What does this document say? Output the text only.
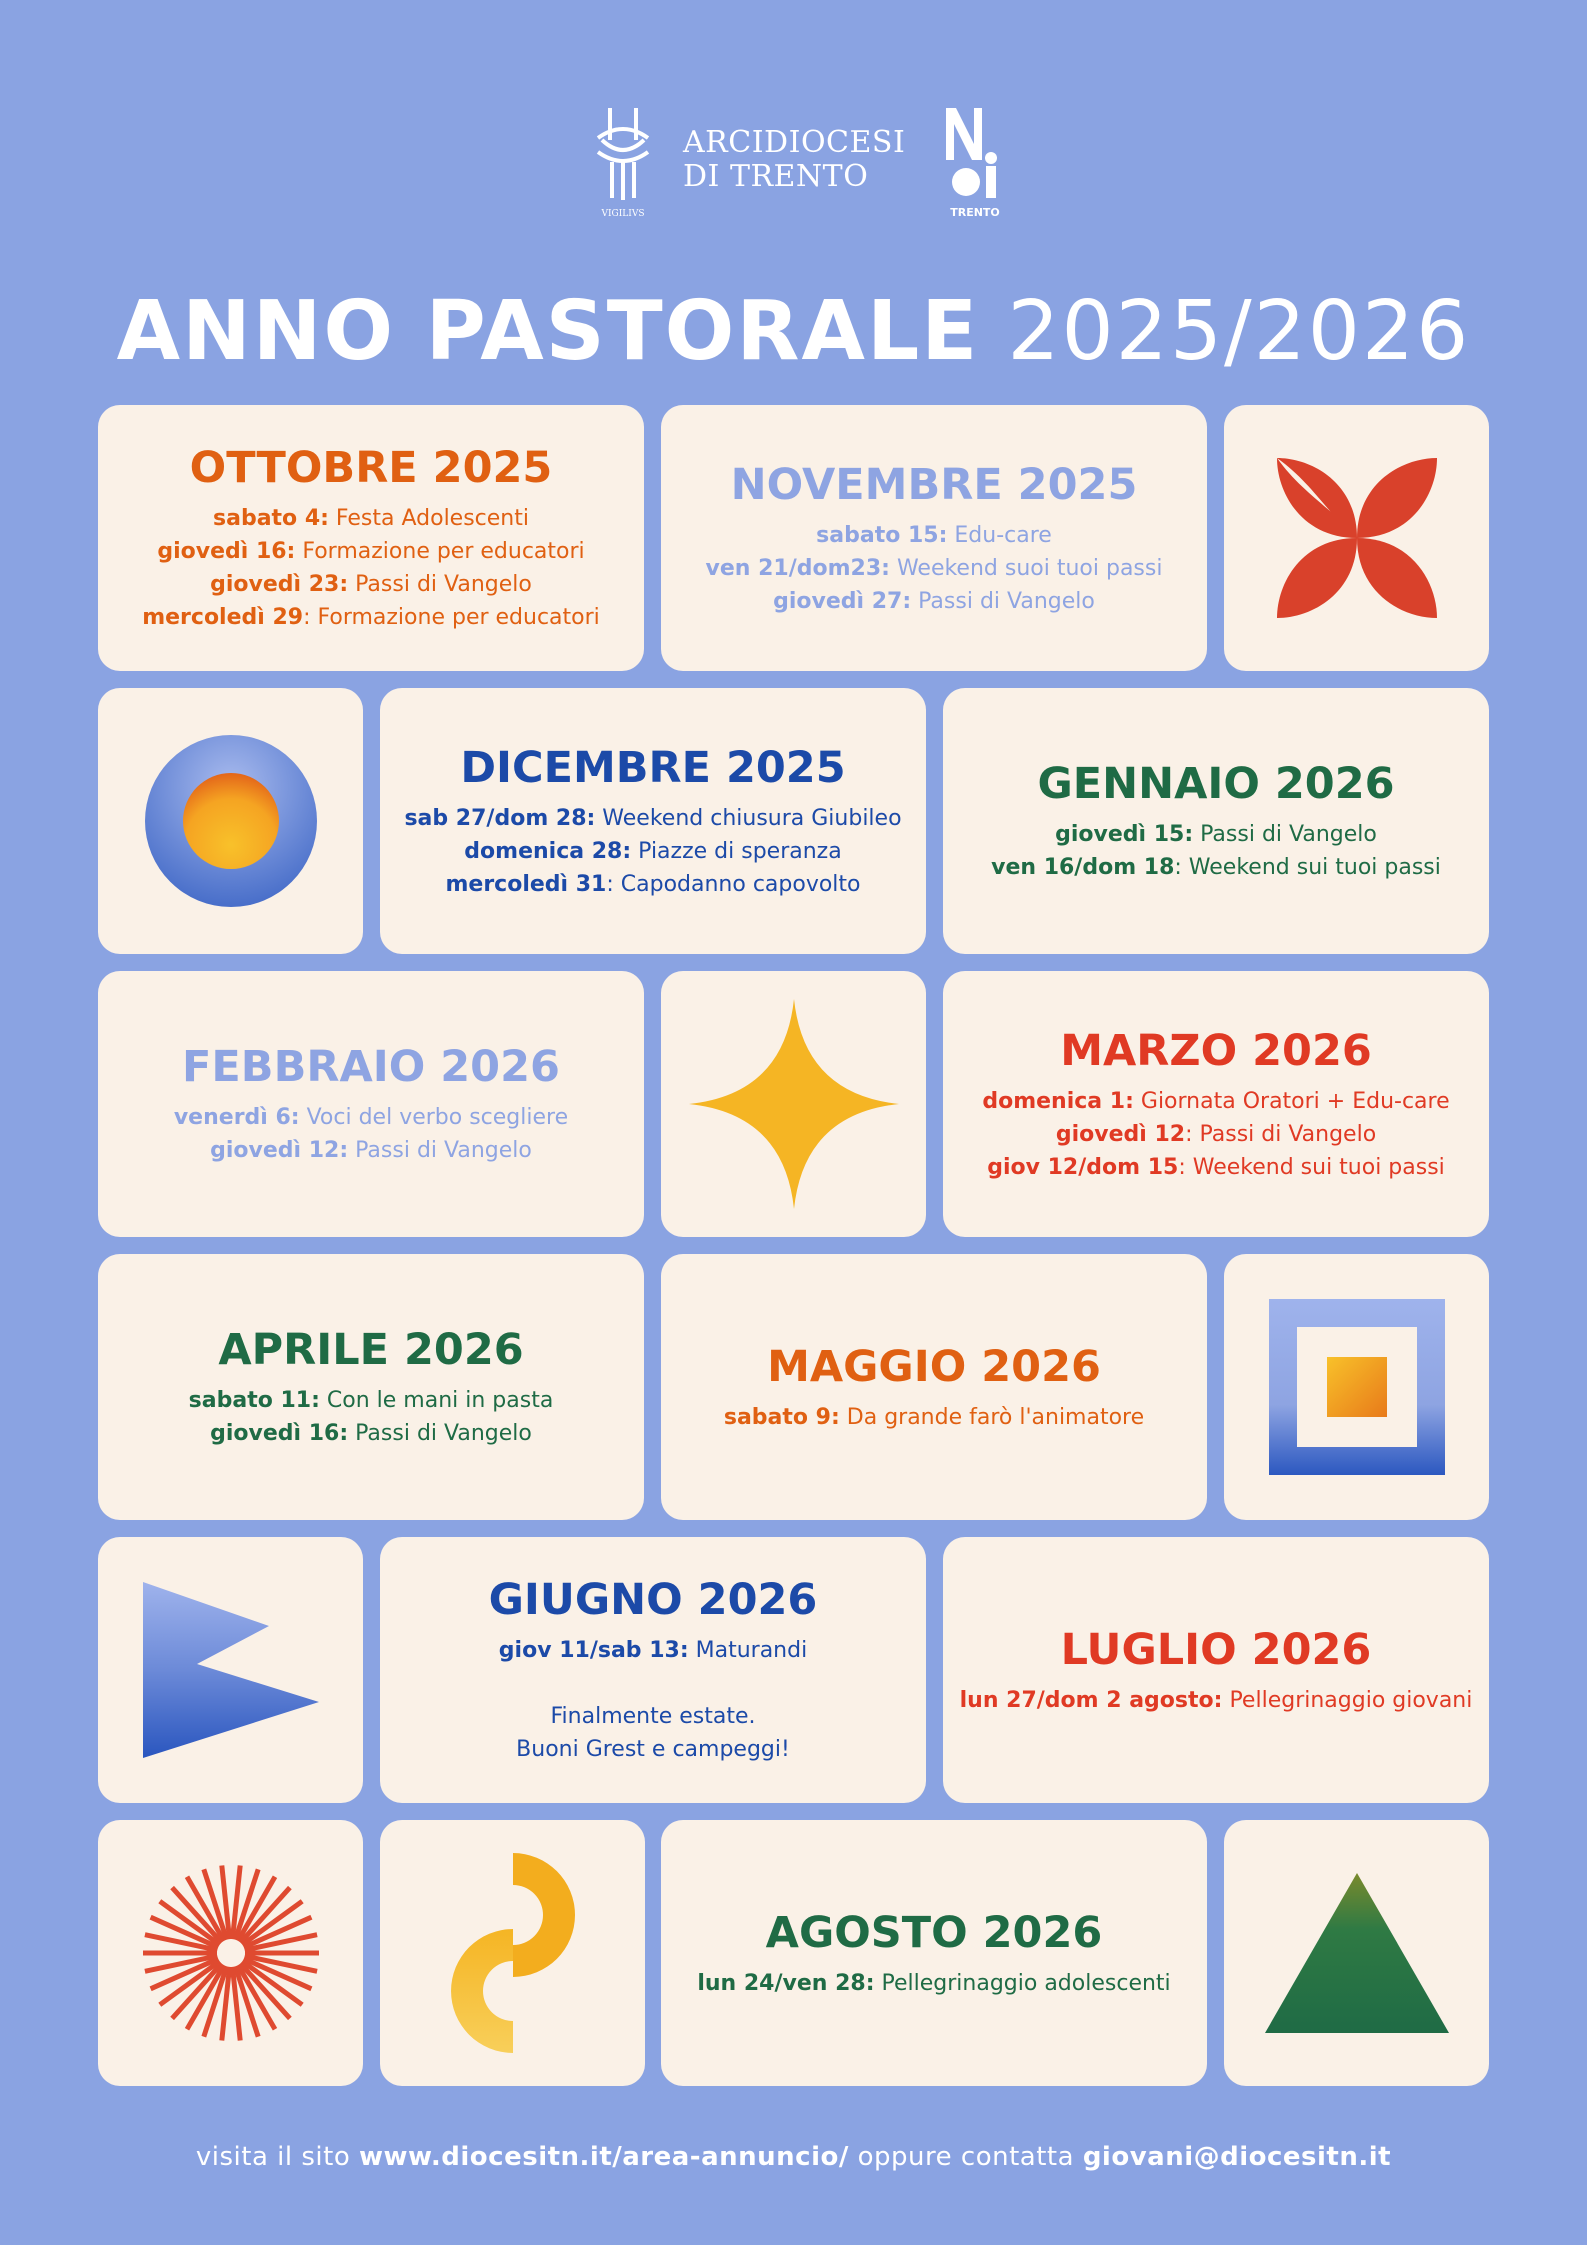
VIGILIVS
ARCIDIOCESI
DI TRENTO
TRENTO
ANNO PASTORALE 2025/2026
OTTOBRE 2025

sabato 4: Festa Adolescenti

giovedì 16: Formazione per educatori

giovedì 23: Passi di Vangelo

mercoledì 29: Formazione per educatori

NOVEMBRE 2025

sabato 15: Edu-care

ven 21/dom23: Weekend suoi tuoi passi

giovedì 27: Passi di Vangelo

DICEMBRE 2025

sab 27/dom 28: Weekend chiusura Giubileo

domenica 28: Piazze di speranza

mercoledì 31: Capodanno capovolto

GENNAIO 2026

giovedì 15: Passi di Vangelo

ven 16/dom 18: Weekend sui tuoi passi

FEBBRAIO 2026

venerdì 6: Voci del verbo scegliere

giovedì 12: Passi di Vangelo

MARZO 2026

domenica 1: Giornata Oratori + Edu-care

giovedì 12: Passi di Vangelo

giov 12/dom 15: Weekend sui tuoi passi

APRILE 2026

sabato 11: Con le mani in pasta

giovedì 16: Passi di Vangelo

MAGGIO 2026

sabato 9: Da grande farò l'animatore

GIUGNO 2026

giov 11/sab 13: Maturandi

Finalmente estate.

Buoni Grest e campeggi!

LUGLIO 2026

lun 27/dom 2 agosto: Pellegrinaggio giovani

AGOSTO 2026

lun 24/ven 28: Pellegrinaggio adolescenti

visita il sito www.diocesitn.it/area-annuncio/ oppure contatta giovani@diocesitn.it
